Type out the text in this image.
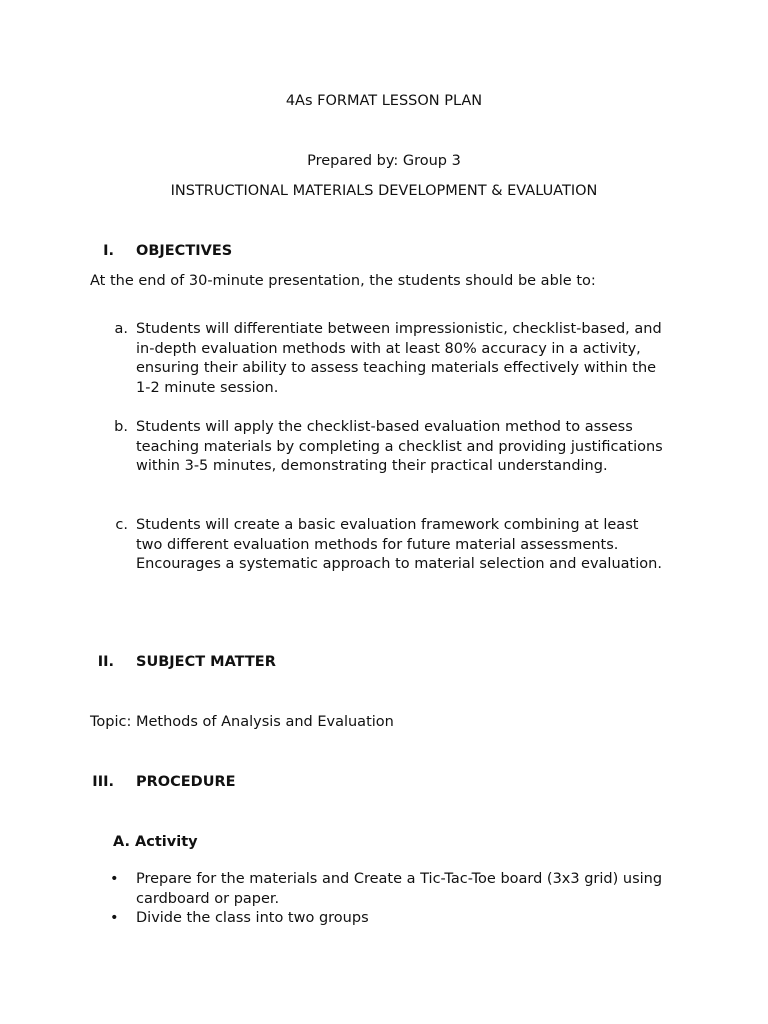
4As FORMAT LESSON PLAN
Prepared by: Group 3
INSTRUCTIONAL MATERIALS DEVELOPMENT & EVALUATION
I. OBJECTIVES
At the end of 30-minute presentation, the students should be able to:
a. Students will differentiate between impressionistic, checklist-based, and in-depth evaluation methods with at least 80% accuracy in a activity, ensuring their ability to assess teaching materials effectively within the 1-2 minute session.
b. Students will apply the checklist-based evaluation method to assess teaching materials by completing a checklist and providing justifications within 3-5 minutes, demonstrating their practical understanding.
c. Students will create a basic evaluation framework combining at least two different evaluation methods for future material assessments. Encourages a systematic approach to material selection and evaluation.
II. SUBJECT MATTER
Topic: Methods of Analysis and Evaluation
III. PROCEDURE
A. Activity
• Prepare for the materials and Create a Tic-Tac-Toe board (3x3 grid) using cardboard or paper.
• Divide the class into two groups
